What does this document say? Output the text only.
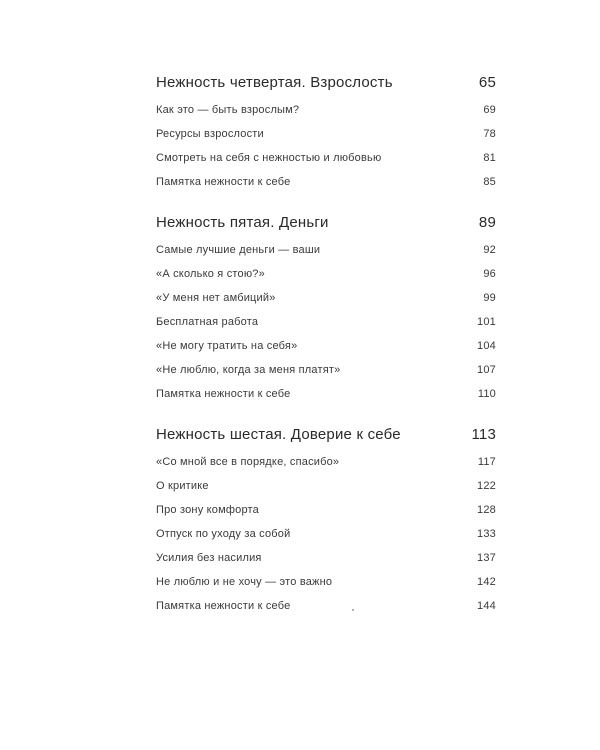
Нежность четвертая. Взрослость	65
Как это — быть взрослым?	69
Ресурсы взрослости	78
Смотреть на себя с нежностью и любовью	81
Памятка нежности к себе	85
Нежность пятая. Деньги	89
Самые лучшие деньги — ваши	92
«А сколько я стою?»	96
«У меня нет амбиций»	99
Бесплатная работа	101
«Не могу тратить на себя»	104
«Не люблю, когда за меня платят»	107
Памятка нежности к себе	110
Нежность шестая. Доверие к себе	113
«Со мной все в порядке, спасибо»	117
О критике	122
Про зону комфорта	128
Отпуск по уходу за собой	133
Усилия без насилия	137
Не люблю и не хочу — это важно	142
Памятка нежности к себе	144
